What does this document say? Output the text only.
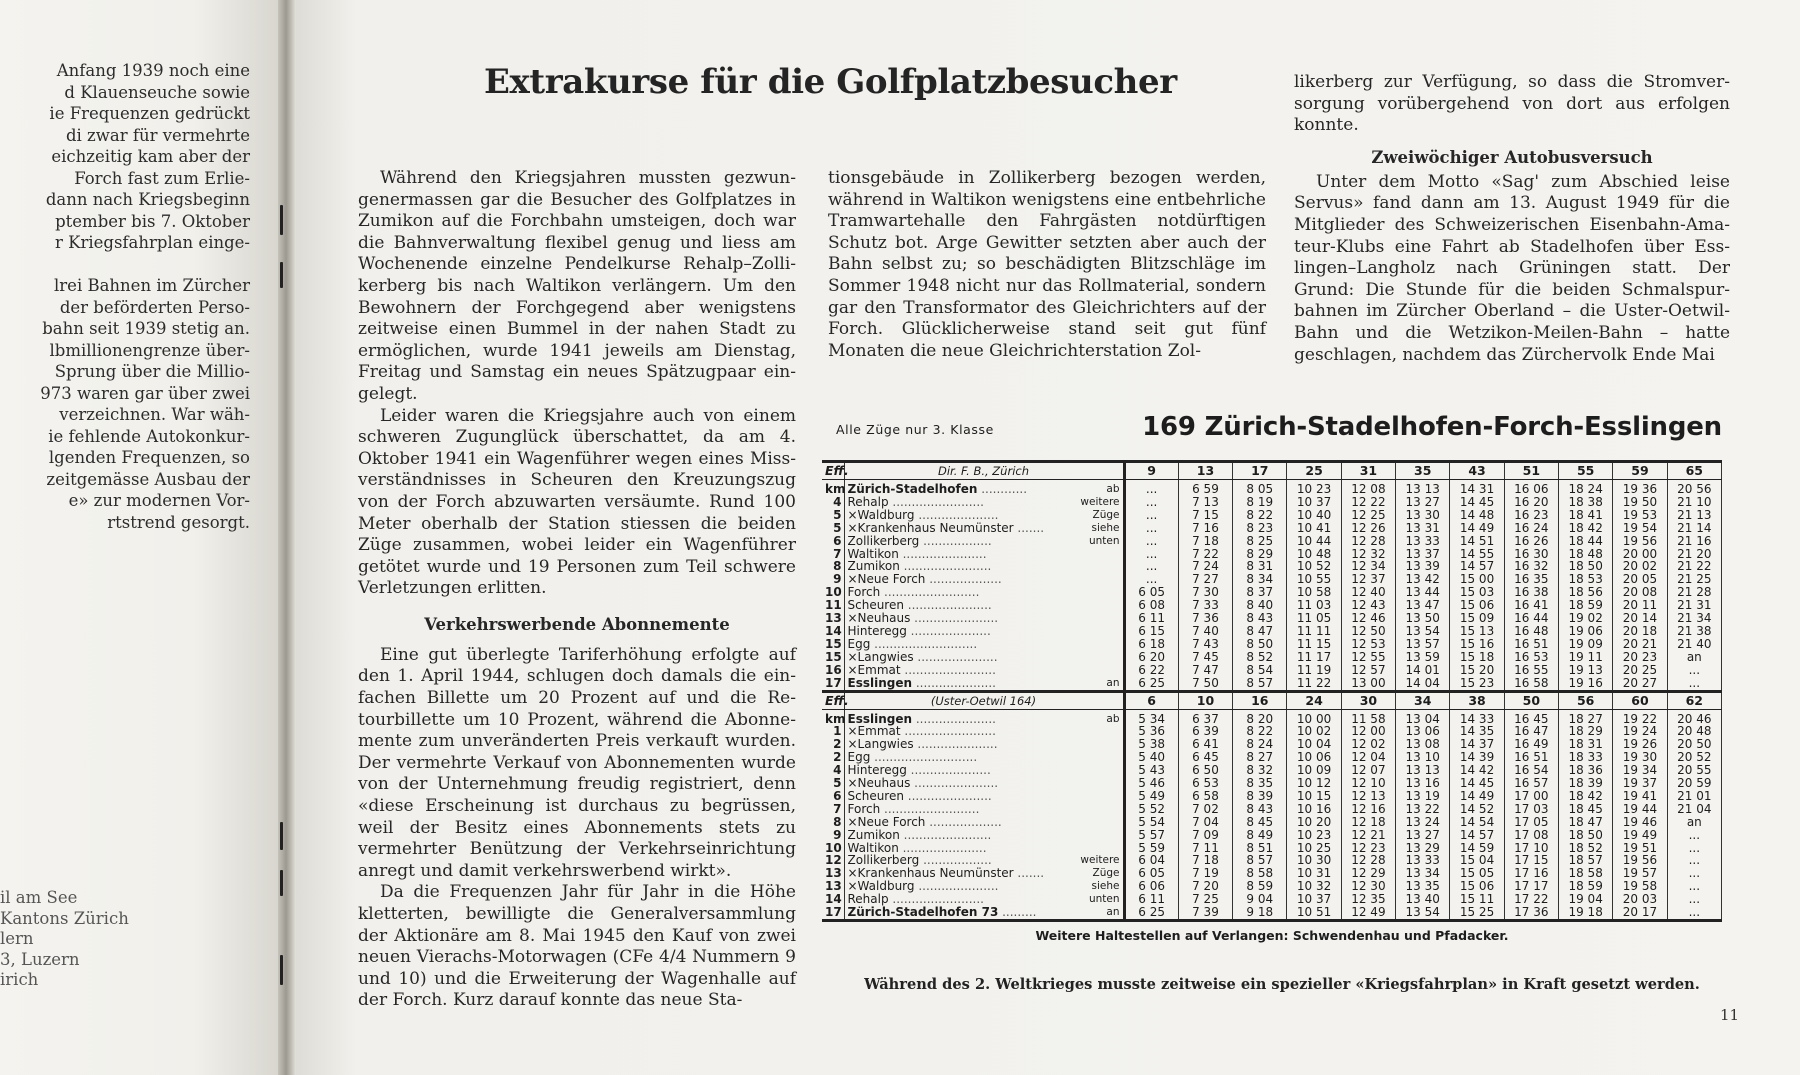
Anfang 1939 noch eine
d Klauenseuche sowie
ie Frequenzen gedrückt
di zwar für vermehrte
eichzeitig kam aber der
Forch fast zum Erlie-
dann nach Kriegsbeginn
ptember bis 7. Oktober
r Kriegsfahrplan einge-
lrei Bahnen im Zürcher
der beförderten Perso-
bahn seit 1939 stetig an.
lbmillionengrenze über-
Sprung über die Millio-
973 waren gar über zwei
verzeichnen. War wäh-
ie fehlende Autokonkur-
lgenden Frequenzen, so
zeitgemässe Ausbau der
e» zur modernen Vor-
rtstrend gesorgt.
il am See
Kantons Zürich
lern
3, Luzern
irich
Extrakurse für die Golfplatzbesucher

Während den Kriegsjahren mussten gezwungenermassen gar die Besucher des Golfplatzes in Zumikon auf die Forchbahn umsteigen, doch war die Bahnverwaltung flexibel genug und liess am Wochenende einzelne Pendelkurse Rehalp–Zollikerberg bis nach Waltikon verlängern. Um den Bewohnern der Forchgegend aber wenigstens zeitweise einen Bummel in der nahen Stadt zu ermöglichen, wurde 1941 jeweils am Dienstag, Freitag und Samstag ein neues Spätzugpaar eingelegt.

Leider waren die Kriegsjahre auch von einem schweren Zugunglück überschattet, da am 4. Oktober 1941 ein Wagenführer wegen eines Missverständnisses in Scheuren den Kreuzungszug von der Forch abzuwarten versäumte. Rund 100 Meter oberhalb der Station stiessen die beiden Züge zusammen, wobei leider ein Wagenführer getötet wurde und 19 Personen zum Teil schwere Verletzungen erlitten.

Verkehrswerbende Abonnemente

Eine gut überlegte Tariferhöhung erfolgte auf den 1. April 1944, schlugen doch damals die einfachen Billette um 20 Prozent auf und die Retourbillette um 10 Prozent, während die Abonnemente zum unveränderten Preis verkauft wurden. Der vermehrte Verkauf von Abonnementen wurde von der Unternehmung freudig registriert, denn «diese Erscheinung ist durchaus zu begrüssen, weil der Besitz eines Abonnements stets zu vermehrter Benützung der Verkehrseinrichtung anregt und damit verkehrswerbend wirkt».

Da die Frequenzen Jahr für Jahr in die Höhe kletterten, bewilligte die Generalversammlung der Aktionäre am 8. Mai 1945 den Kauf von zwei neuen Vierachs-Motorwagen (CFe 4/4 Nummern 9 und 10) und die Erweiterung der Wagenhalle auf der Forch. Kurz darauf konnte das neue Sta-

tionsgebäude in Zollikerberg bezogen werden, während in Waltikon wenigstens eine entbehrliche Tramwartehalle den Fahrgästen notdürftigen Schutz bot. Arge Gewitter setzten aber auch der Bahn selbst zu; so beschädigten Blitzschläge im Sommer 1948 nicht nur das Rollmaterial, sondern gar den Transformator des Gleichrichters auf der Forch. Glücklicherweise stand seit gut fünf Monaten die neue Gleichrichterstation Zol-

likerberg zur Verfügung, so dass die Stromversorgung vorübergehend von dort aus erfolgen konnte.

Zweiwöchiger Autobusversuch

Unter dem Motto «Sag' zum Abschied leise Servus» fand dann am 13. August 1949 für die Mitglieder des Schweizerischen Eisenbahn-Amateur-Klubs eine Fahrt ab Stadelhofen über Esslingen–Langholz nach Grüningen statt. Der Grund: Die Stunde für die beiden Schmalspurbahnen im Zürcher Oberland – die Uster-Oetwil-Bahn und die Wetzikon-Meilen-Bahn – hatte geschlagen, nachdem das Zürchervolk Ende Mai

Alle Züge nur 3. Klasse	169 Zürich-Stadelhofen-Forch-Esslingen
Eff.	Dir. F. B., Zürich	9	13	17	25	31	35	43	51	55	59	65
km	Zürich-Stadelhofen ............ ab	...	6 59	8 05	10 23	12 08	13 13	14 31	16 06	18 24	19 36	20 56
4	Rehalp ........................ weitere	...	7 13	8 19	10 37	12 22	13 27	14 45	16 20	18 38	19 50	21 10
5	×Waldburg ..................... Züge	...	7 15	8 22	10 40	12 25	13 30	14 48	16 23	18 41	19 53	21 13
5	×Krankenhaus Neumünster ....... siehe	...	7 16	8 23	10 41	12 26	13 31	14 49	16 24	18 42	19 54	21 14
6	Zollikerberg .................. unten	...	7 18	8 25	10 44	12 28	13 33	14 51	16 26	18 44	19 56	21 16
7	Waltikon ......................	...	7 22	8 29	10 48	12 32	13 37	14 55	16 30	18 48	20 00	21 20
8	Zumikon .......................	...	7 24	8 31	10 52	12 34	13 39	14 57	16 32	18 50	20 02	21 22
9	×Neue Forch ...................	...	7 27	8 34	10 55	12 37	13 42	15 00	16 35	18 53	20 05	21 25
10	Forch .........................	6 05	7 30	8 37	10 58	12 40	13 44	15 03	16 38	18 56	20 08	21 28
11	Scheuren ......................	6 08	7 33	8 40	11 03	12 43	13 47	15 06	16 41	18 59	20 11	21 31
13	×Neuhaus ......................	6 11	7 36	8 43	11 05	12 46	13 50	15 09	16 44	19 02	20 14	21 34
14	Hinteregg .....................	6 15	7 40	8 47	11 11	12 50	13 54	15 13	16 48	19 06	20 18	21 38
15	Egg ...........................	6 18	7 43	8 50	11 15	12 53	13 57	15 16	16 51	19 09	20 21	21 40
15	×Langwies .....................	6 20	7 45	8 52	11 17	12 55	13 59	15 18	16 53	19 11	20 23	an
16	×Emmat ........................	6 22	7 47	8 54	11 19	12 57	14 01	15 20	16 55	19 13	20 25	...
17	Esslingen ..................... an	6 25	7 50	8 57	11 22	13 00	14 04	15 23	16 58	19 16	20 27	...
Eff.	(Uster-Oetwil 164)	6	10	16	24	30	34	38	50	56	60	62
km	Esslingen ..................... ab	5 34	6 37	8 20	10 00	11 58	13 04	14 33	16 45	18 27	19 22	20 46
1	×Emmat ........................	5 36	6 39	8 22	10 02	12 00	13 06	14 35	16 47	18 29	19 24	20 48
2	×Langwies .....................	5 38	6 41	8 24	10 04	12 02	13 08	14 37	16 49	18 31	19 26	20 50
2	Egg ...........................	5 40	6 45	8 27	10 06	12 04	13 10	14 39	16 51	18 33	19 30	20 52
4	Hinteregg .....................	5 43	6 50	8 32	10 09	12 07	13 13	14 42	16 54	18 36	19 34	20 55
5	×Neuhaus ......................	5 46	6 53	8 35	10 12	12 10	13 16	14 45	16 57	18 39	19 37	20 59
6	Scheuren ......................	5 49	6 58	8 39	10 15	12 13	13 19	14 49	17 00	18 42	19 41	21 01
7	Forch .........................	5 52	7 02	8 43	10 16	12 16	13 22	14 52	17 03	18 45	19 44	21 04
8	×Neue Forch ...................	5 54	7 04	8 45	10 20	12 18	13 24	14 54	17 05	18 47	19 46	an
9	Zumikon .......................	5 57	7 09	8 49	10 23	12 21	13 27	14 57	17 08	18 50	19 49	...
10	Waltikon ......................	5 59	7 11	8 51	10 25	12 23	13 29	14 59	17 10	18 52	19 51	...
12	Zollikerberg .................. weitere	6 04	7 18	8 57	10 30	12 28	13 33	15 04	17 15	18 57	19 56	...
13	×Krankenhaus Neumünster ....... Züge	6 05	7 19	8 58	10 31	12 29	13 34	15 05	17 16	18 58	19 57	...
13	×Waldburg ..................... siehe	6 06	7 20	8 59	10 32	12 30	13 35	15 06	17 17	18 59	19 58	...
14	Rehalp ........................ unten	6 11	7 25	9 04	10 37	12 35	13 40	15 11	17 22	19 04	20 03	...
17	Zürich-Stadelhofen 73 ......... an	6 25	7 39	9 18	10 51	12 49	13 54	15 25	17 36	19 18	20 17	...
Weitere Haltestellen auf Verlangen: Schwendenhau und Pfadacker.
Während des 2. Weltkrieges musste zeitweise ein spezieller «Kriegsfahrplan» in Kraft gesetzt werden.
11
